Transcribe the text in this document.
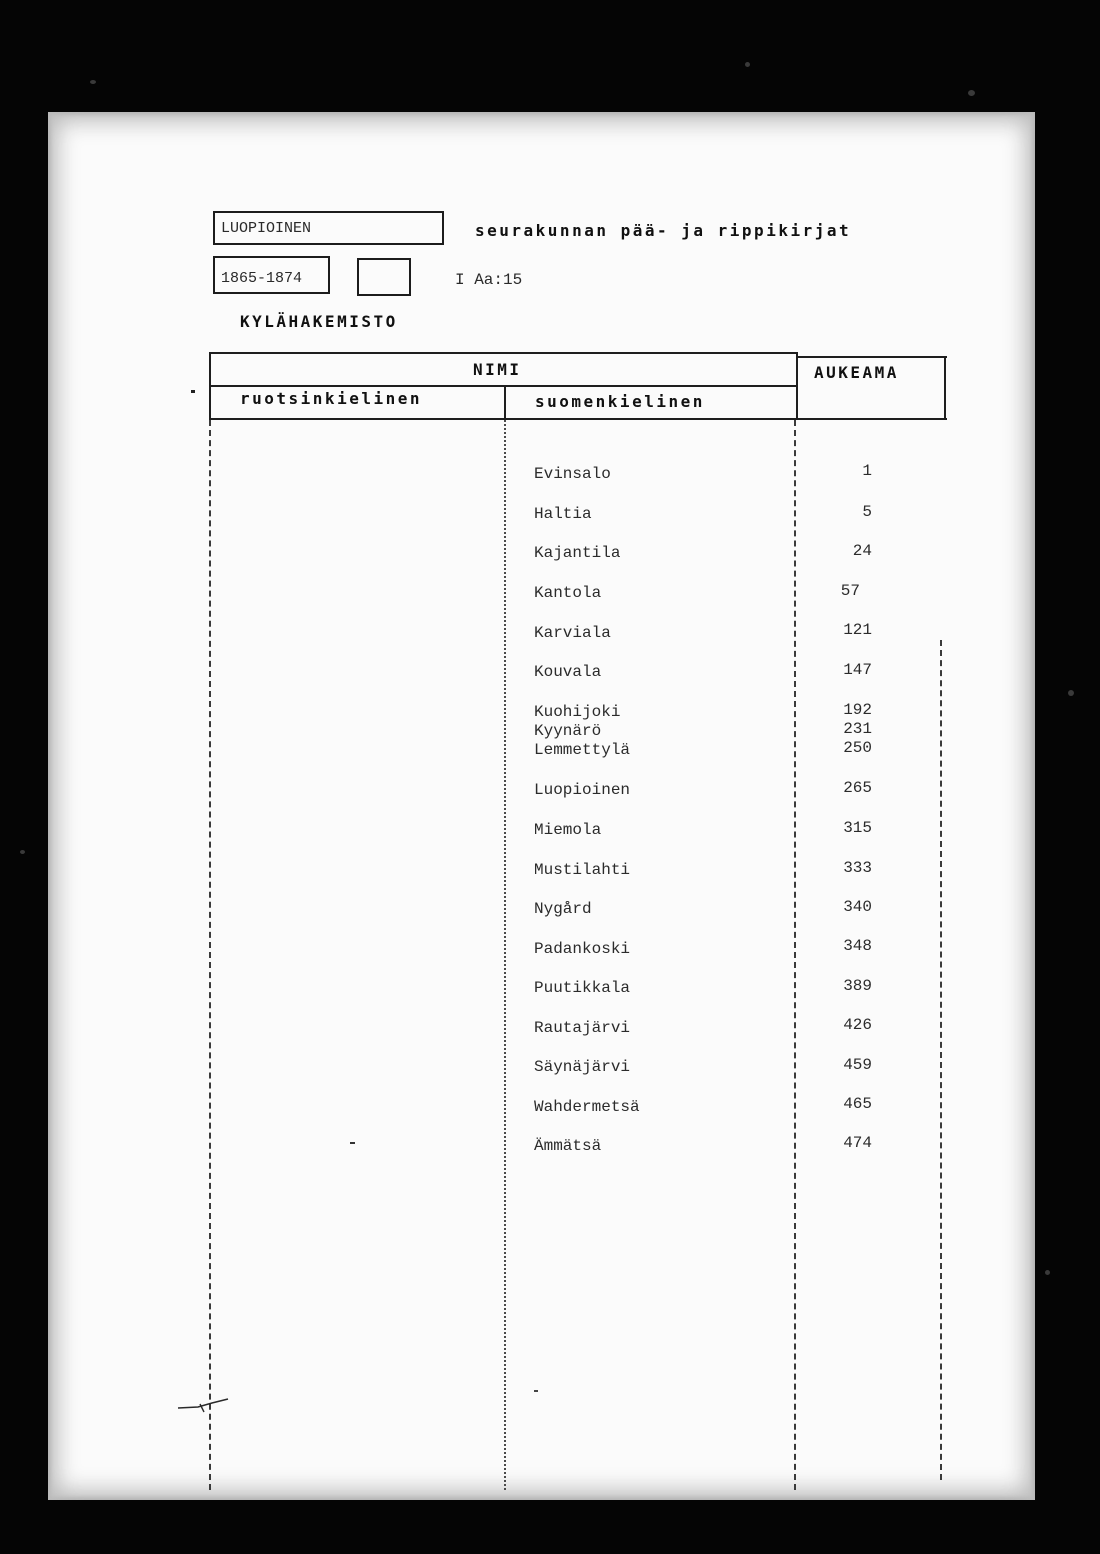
LUOPIOINEN	seurakunnan pää- ja rippikirjat
1865-1874	I Aa:15
KYLÄHAKEMISTO
NIMI
ruotsinkielinen	suomenkielinen
AUKEAMA
Evinsalo	1
Haltia	5
Kajantila	24
Kantola	57
Karviala	121
Kouvala	147
Kuohijoki	192
Kyynärö	231
Lemmettylä	250
Luopioinen	265
Miemola	315
Mustilahti	333
Nygård	340
Padankoski	348
Puutikkala	389
Rautajärvi	426
Säynäjärvi	459
Wahdermetsä	465
Ämmätsä	474
